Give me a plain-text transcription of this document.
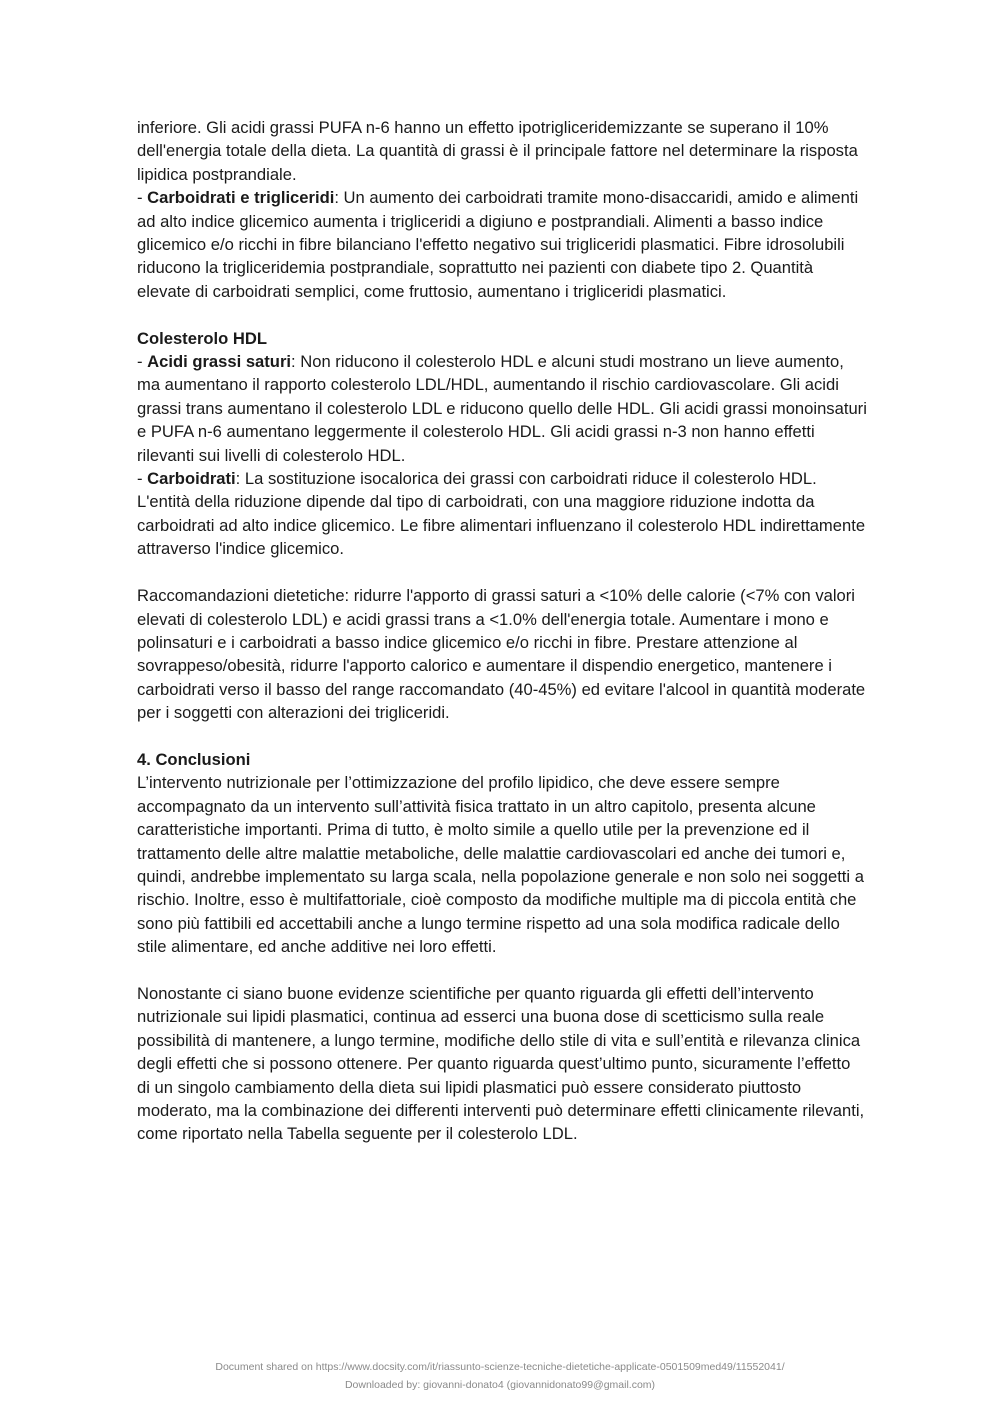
inferiore. Gli acidi grassi PUFA n-6 hanno un effetto ipotrigliceridemizzante se superano il 10% dell'energia totale della dieta. La quantità di grassi è il principale fattore nel determinare la risposta lipidica postprandiale.

- Carboidrati e trigliceridi: Un aumento dei carboidrati tramite mono-disaccaridi, amido e alimenti ad alto indice glicemico aumenta i trigliceridi a digiuno e postprandiali. Alimenti a basso indice glicemico e/o ricchi in fibre bilanciano l'effetto negativo sui trigliceridi plasmatici. Fibre idrosolubili riducono la trigliceridemia postprandiale, soprattutto nei pazienti con diabete tipo 2. Quantità elevate di carboidrati semplici, come fruttosio, aumentano i trigliceridi plasmatici.

Colesterolo HDL

- Acidi grassi saturi: Non riducono il colesterolo HDL e alcuni studi mostrano un lieve aumento, ma aumentano il rapporto colesterolo LDL/HDL, aumentando il rischio cardiovascolare. Gli acidi grassi trans aumentano il colesterolo LDL e riducono quello delle HDL. Gli acidi grassi monoinsaturi e PUFA n-6 aumentano leggermente il colesterolo HDL. Gli acidi grassi n-3 non hanno effetti rilevanti sui livelli di colesterolo HDL.

- Carboidrati: La sostituzione isocalorica dei grassi con carboidrati riduce il colesterolo HDL. L'entità della riduzione dipende dal tipo di carboidrati, con una maggiore riduzione indotta da carboidrati ad alto indice glicemico. Le fibre alimentari influenzano il colesterolo HDL indirettamente attraverso l'indice glicemico.

Raccomandazioni dietetiche: ridurre l'apporto di grassi saturi a <10% delle calorie (<7% con valori elevati di colesterolo LDL) e acidi grassi trans a <1.0% dell'energia totale. Aumentare i mono e polinsaturi e i carboidrati a basso indice glicemico e/o ricchi in fibre. Prestare attenzione al sovrappeso/obesità, ridurre l'apporto calorico e aumentare il dispendio energetico, mantenere i carboidrati verso il basso del range raccomandato (40-45%) ed evitare l'alcool in quantità moderate per i soggetti con alterazioni dei trigliceridi.

4. Conclusioni

L’intervento nutrizionale per l’ottimizzazione del profilo lipidico, che deve essere sempre accompagnato da un intervento sull’attività fisica trattato in un altro capitolo, presenta alcune caratteristiche importanti. Prima di tutto, è molto simile a quello utile per la prevenzione ed il trattamento delle altre malattie metaboliche, delle malattie cardiovascolari ed anche dei tumori e, quindi, andrebbe implementato su larga scala, nella popolazione generale e non solo nei soggetti a rischio. Inoltre, esso è multifattoriale, cioè composto da modifiche multiple ma di piccola entità che sono più fattibili ed accettabili anche a lungo termine rispetto ad una sola modifica radicale dello stile alimentare, ed anche additive nei loro effetti.

Nonostante ci siano buone evidenze scientifiche per quanto riguarda gli effetti dell’intervento nutrizionale sui lipidi plasmatici, continua ad esserci una buona dose di scetticismo sulla reale possibilità di mantenere, a lungo termine, modifiche dello stile di vita e sull’entità e rilevanza clinica degli effetti che si possono ottenere. Per quanto riguarda quest’ultimo punto, sicuramente l’effetto di un singolo cambiamento della dieta sui lipidi plasmatici può essere considerato piuttosto moderato, ma la combinazione dei differenti interventi può determinare effetti clinicamente rilevanti, come riportato nella Tabella seguente per il colesterolo LDL.

Document shared on https://www.docsity.com/it/riassunto-scienze-tecniche-dietetiche-applicate-0501509med49/11552041/
Downloaded by: giovanni-donato4 (giovannidonato99@gmail.com)
